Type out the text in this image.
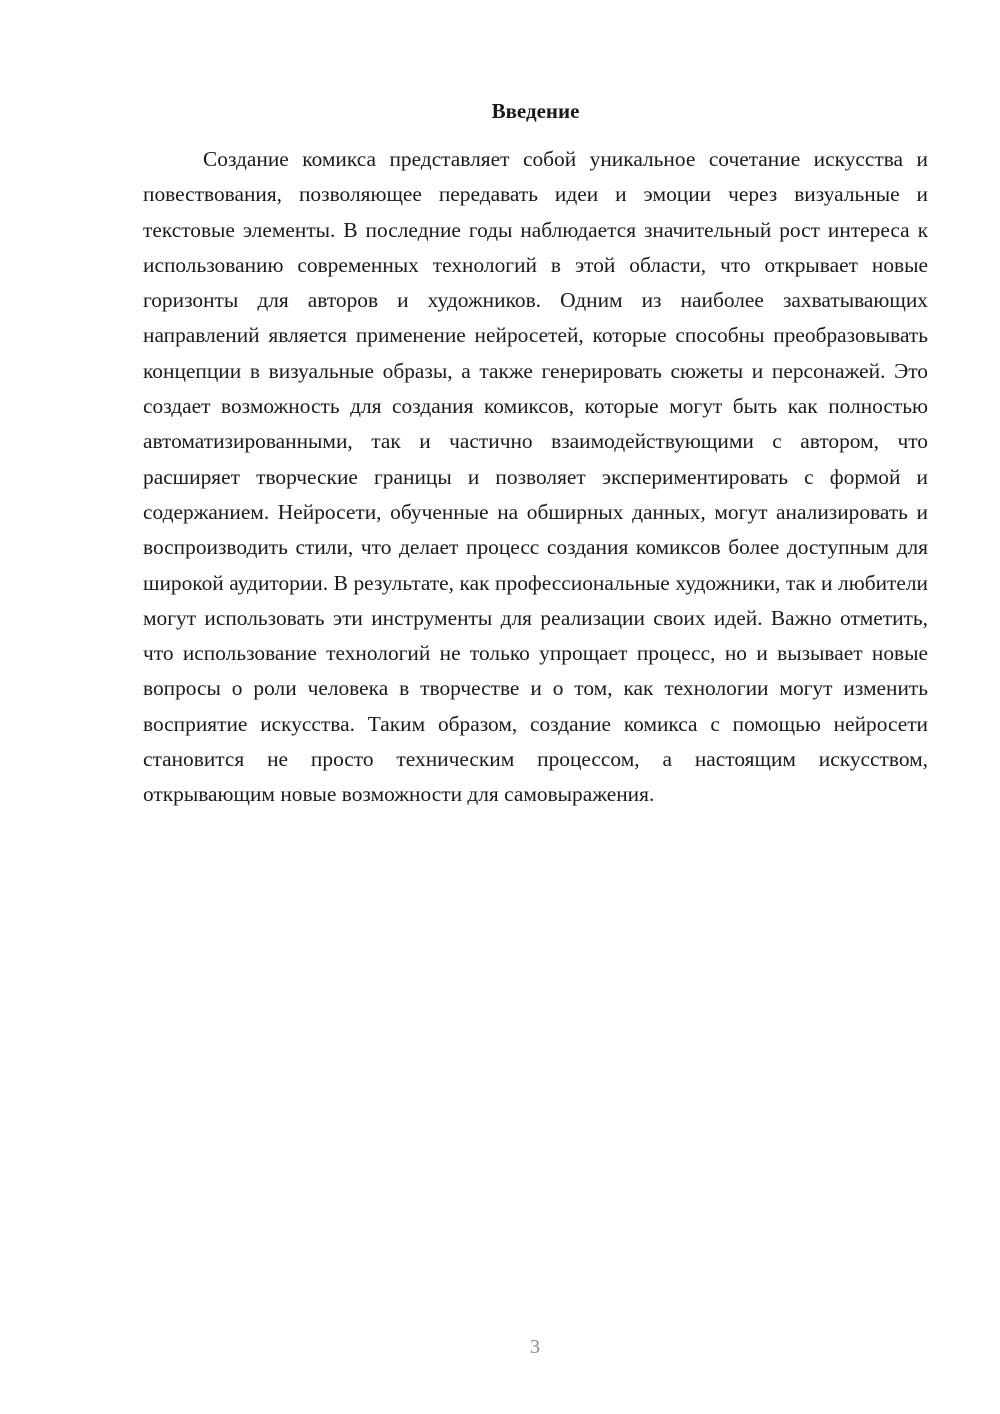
Введение

Создание комикса представляет собой уникальное сочетание искусства и повествования, позволяющее передавать идеи и эмоции через визуальные и текстовые элементы. В последние годы наблюдается значительный рост интереса к использованию современных технологий в этой области, что открывает новые горизонты для авторов и художников. Одним из наиболее захватывающих направлений является применение нейросетей, которые способны преобразовывать концепции в визуальные образы, а также генерировать сюжеты и персонажей. Это создает возможность для создания комиксов, которые могут быть как полностью автоматизированными, так и частично взаимодействующими с автором, что расширяет творческие границы и позволяет экспериментировать с формой и содержанием. Нейросети, обученные на обширных данных, могут анализировать и воспроизводить стили, что делает процесс создания комиксов более доступным для широкой аудитории. В результате, как профессиональные художники, так и любители могут использовать эти инструменты для реализации своих идей. Важно отметить, что использование технологий не только упрощает процесс, но и вызывает новые вопросы о роли человека в творчестве и о том, как технологии могут изменить восприятие искусства. Таким образом, создание комикса с помощью нейросети становится не просто техническим процессом, а настоящим искусством, открывающим новые возможности для самовыражения.

3
